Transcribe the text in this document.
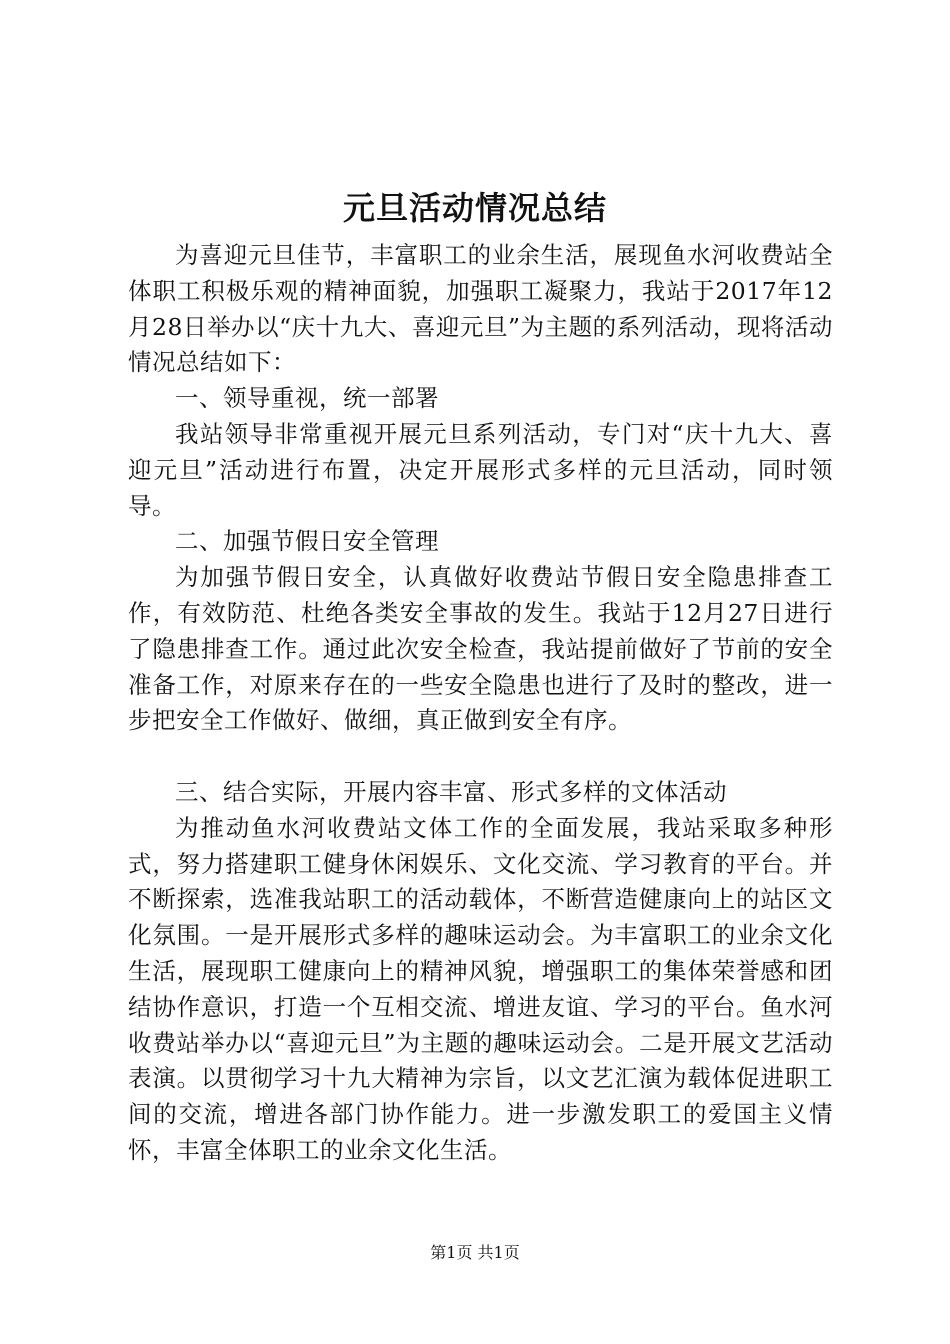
元旦活动情况总结

为喜迎元旦佳节，丰富职工的业余生活，展现鱼水河收费站全体职工积极乐观的精神面貌，加强职工凝聚力，我站于2017年12月28日举办以“庆十九大、喜迎元旦”为主题的系列活动，现将活动情况总结如下：

一、领导重视，统一部署

我站领导非常重视开展元旦系列活动，专门对“庆十九大、喜迎元旦”活动进行布置，决定开展形式多样的元旦活动，同时领导。

二、加强节假日安全管理

为加强节假日安全，认真做好收费站节假日安全隐患排查工作，有效防范、杜绝各类安全事故的发生。我站于12月27日进行了隐患排查工作。通过此次安全检查，我站提前做好了节前的安全准备工作，对原来存在的一些安全隐患也进行了及时的整改，进一步把安全工作做好、做细，真正做到安全有序。

三、结合实际，开展内容丰富、形式多样的文体活动

为推动鱼水河收费站文体工作的全面发展，我站采取多种形式，努力搭建职工健身休闲娱乐、文化交流、学习教育的平台。并不断探索，选准我站职工的活动载体，不断营造健康向上的站区文化氛围。一是开展形式多样的趣味运动会。为丰富职工的业余文化生活，展现职工健康向上的精神风貌，增强职工的集体荣誉感和团结协作意识，打造一个互相交流、增进友谊、学习的平台。鱼水河收费站举办以“喜迎元旦”为主题的趣味运动会。二是开展文艺活动表演。以贯彻学习十九大精神为宗旨，以文艺汇演为载体促进职工间的交流，增进各部门协作能力。进一步激发职工的爱国主义情怀，丰富全体职工的业余文化生活。

第1页 共1页
